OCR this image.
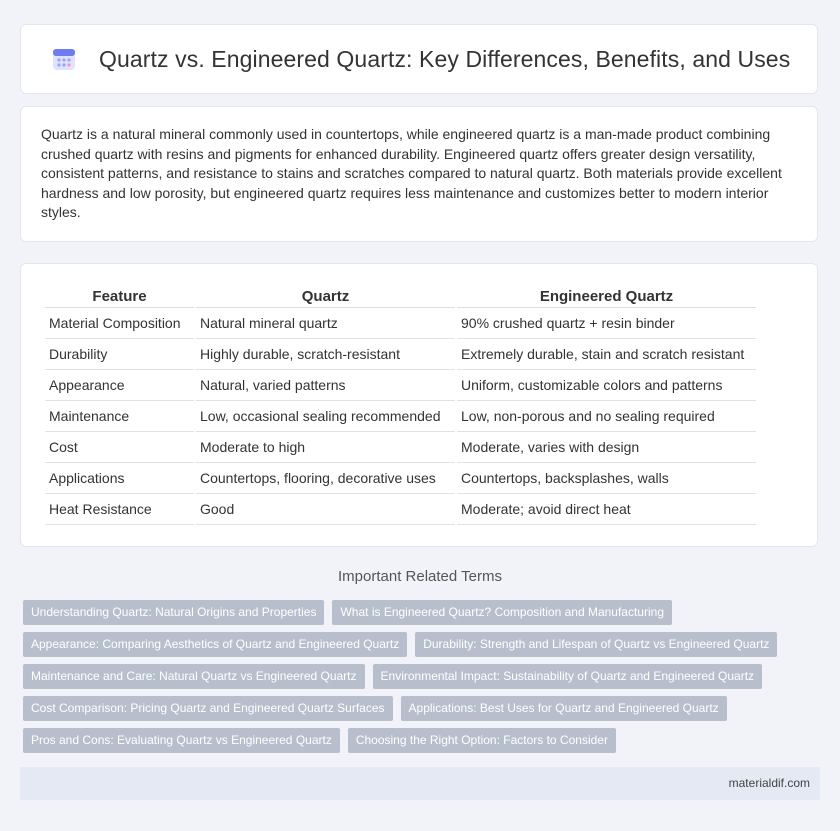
Quartz vs. Engineered Quartz: Key Differences, Benefits, and Uses

Quartz is a natural mineral commonly used in countertops, while engineered quartz is a man-made product combining crushed quartz with resins and pigments for enhanced durability. Engineered quartz offers greater design versatility, consistent patterns, and resistance to stains and scratches compared to natural quartz. Both materials provide excellent hardness and low porosity, but engineered quartz requires less maintenance and customizes better to modern interior styles.

Feature	Quartz	Engineered Quartz
Material Composition	Natural mineral quartz	90% crushed quartz + resin binder
Durability	Highly durable, scratch-resistant	Extremely durable, stain and scratch resistant
Appearance	Natural, varied patterns	Uniform, customizable colors and patterns
Maintenance	Low, occasional sealing recommended	Low, non-porous and no sealing required
Cost	Moderate to high	Moderate, varies with design
Applications	Countertops, flooring, decorative uses	Countertops, backsplashes, walls
Heat Resistance	Good	Moderate; avoid direct heat
Important Related Terms
Understanding Quartz: Natural Origins and Properties	What is Engineered Quartz? Composition and Manufacturing
Appearance: Comparing Aesthetics of Quartz and Engineered Quartz	Durability: Strength and Lifespan of Quartz vs Engineered Quartz
Maintenance and Care: Natural Quartz vs Engineered Quartz	Environmental Impact: Sustainability of Quartz and Engineered Quartz
Cost Comparison: Pricing Quartz and Engineered Quartz Surfaces	Applications: Best Uses for Quartz and Engineered Quartz
Pros and Cons: Evaluating Quartz vs Engineered Quartz	Choosing the Right Option: Factors to Consider
materialdif.com
